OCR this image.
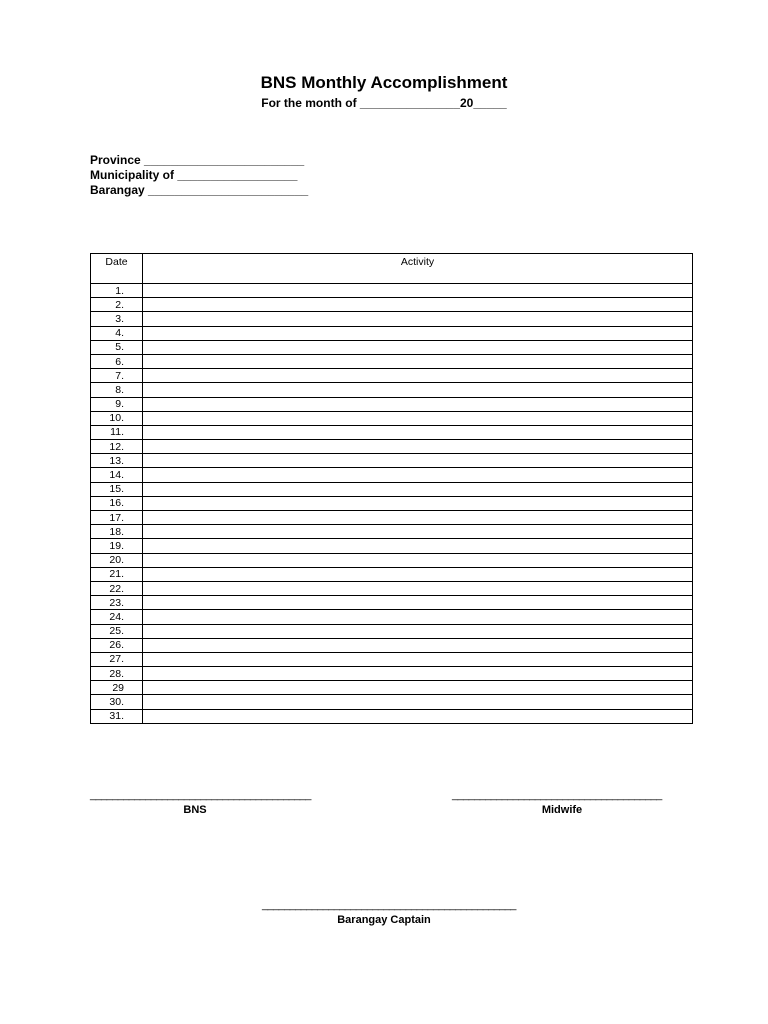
BNS Monthly Accomplishment
For the month of _______________20_____
Province ________________________
Municipality of __________________
Barangay ________________________
Date	Activity
1.	
2.	
3.	
4.	
5.	
6.	
7.	
8.	
9.	
10.	
11.	
12.	
13.	
14.	
15.	
16.	
17.	
18.	
19.	
20.	
21.	
22.	
23.	
24.	
25.	
26.	
27.	
28.	
29	
30.	
31.	
________________________________________
BNS
______________________________________
Midwife
______________________________________________
Barangay Captain
